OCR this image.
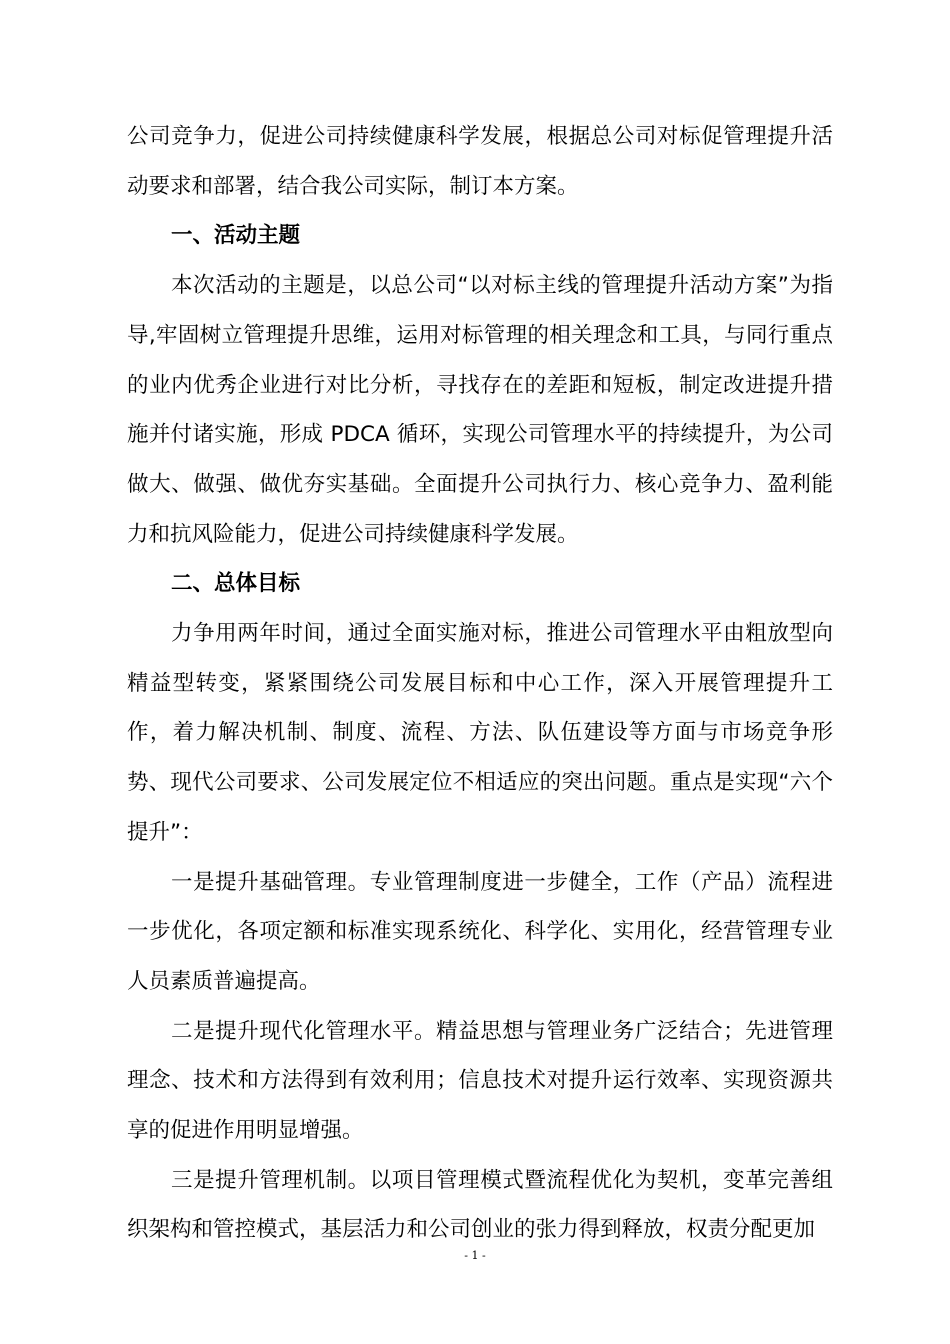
公司竞争力，促进公司持续健康科学发展，根据总公司对标促管理提升活动要求和部署，结合我公司实际，制订本方案。

一、活动主题

本次活动的主题是，以总公司“以对标主线的管理提升活动方案”为指导,牢固树立管理提升思维，运用对标管理的相关理念和工具，与同行重点的业内优秀企业进行对比分析，寻找存在的差距和短板，制定改进提升措施并付诸实施，形成 PDCA 循环，实现公司管理水平的持续提升，为公司做大、做强、做优夯实基础。全面提升公司执行力、核心竞争力、盈利能力和抗风险能力，促进公司持续健康科学发展。

二、总体目标

力争用两年时间，通过全面实施对标，推进公司管理水平由粗放型向精益型转变，紧紧围绕公司发展目标和中心工作，深入开展管理提升工作，着力解决机制、制度、流程、方法、队伍建设等方面与市场竞争形势、现代公司要求、公司发展定位不相适应的突出问题。重点是实现“六个提升”：

一是提升基础管理。专业管理制度进一步健全，工作（产品）流程进一步优化，各项定额和标准实现系统化、科学化、实用化，经营管理专业人员素质普遍提高。

二是提升现代化管理水平。精益思想与管理业务广泛结合；先进管理理念、技术和方法得到有效利用；信息技术对提升运行效率、实现资源共享的促进作用明显增强。

三是提升管理机制。以项目管理模式暨流程优化为契机，变革完善组织架构和管控模式，基层活力和公司创业的张力得到释放，权责分配更加

- 1 -
